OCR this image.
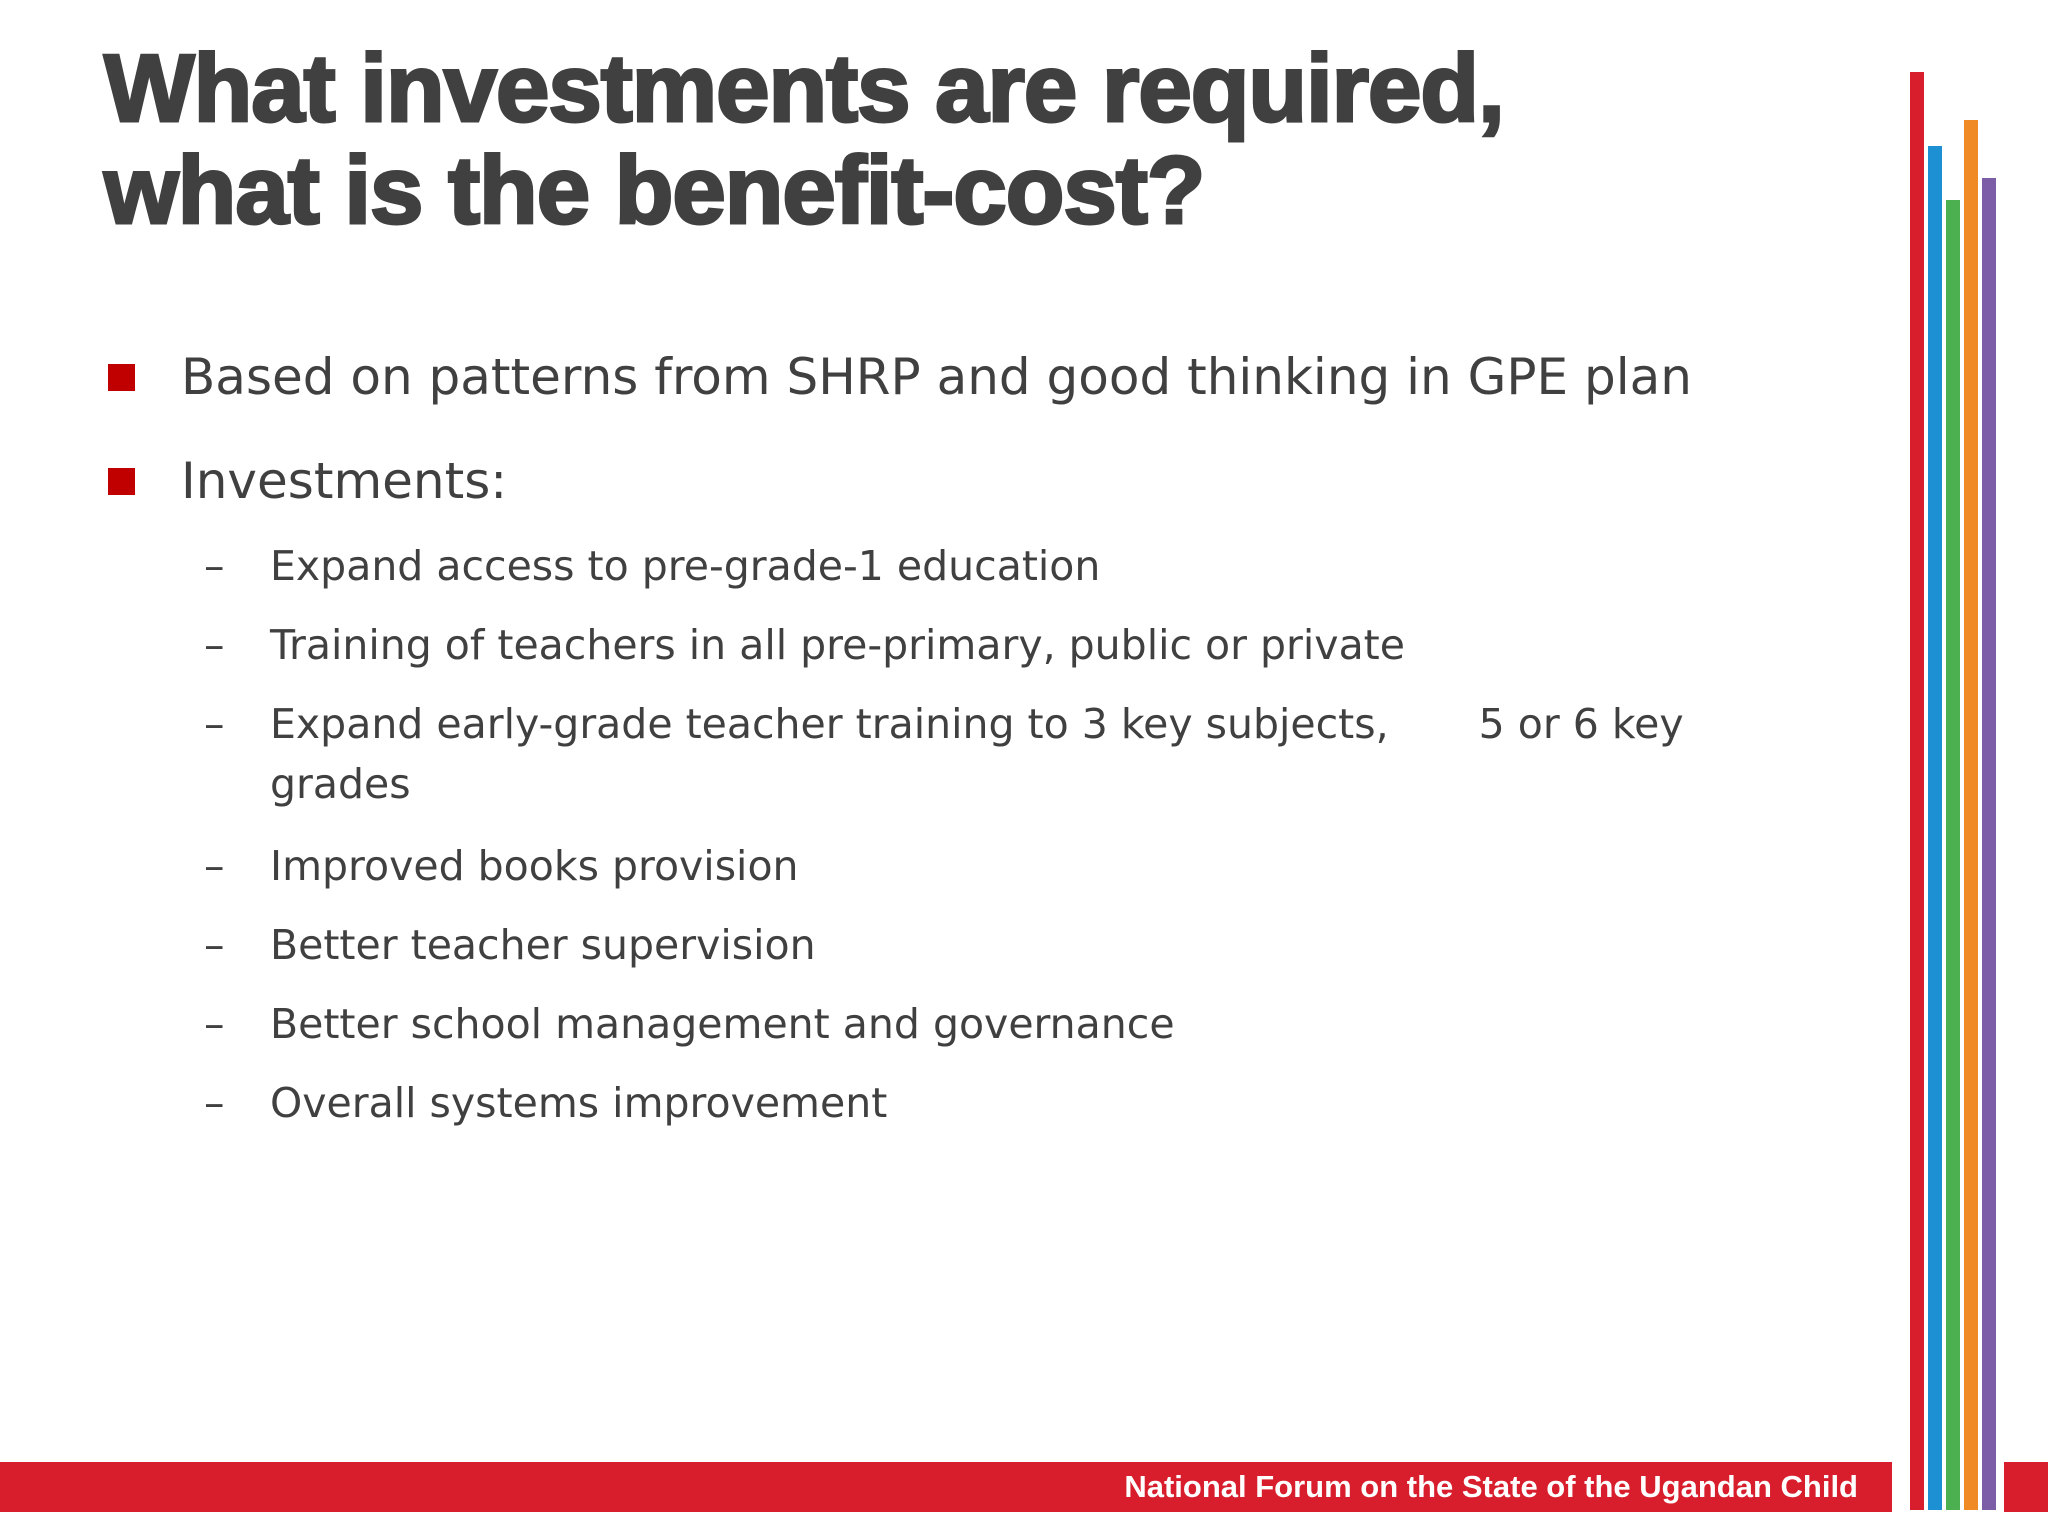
What investments are required,
what is the benefit-cost?
Based on patterns from SHRP and good thinking in GPE plan
Investments:
–	Expand access to pre-grade-1 education
–	Training of teachers in all pre-primary, public or private
–	Expand early-grade teacher training to 3 key subjects, 5 or 6 key grades
–	Improved books provision
–	Better teacher supervision
–	Better school management and governance
–	Overall systems improvement
National Forum on the State of the Ugandan Child
